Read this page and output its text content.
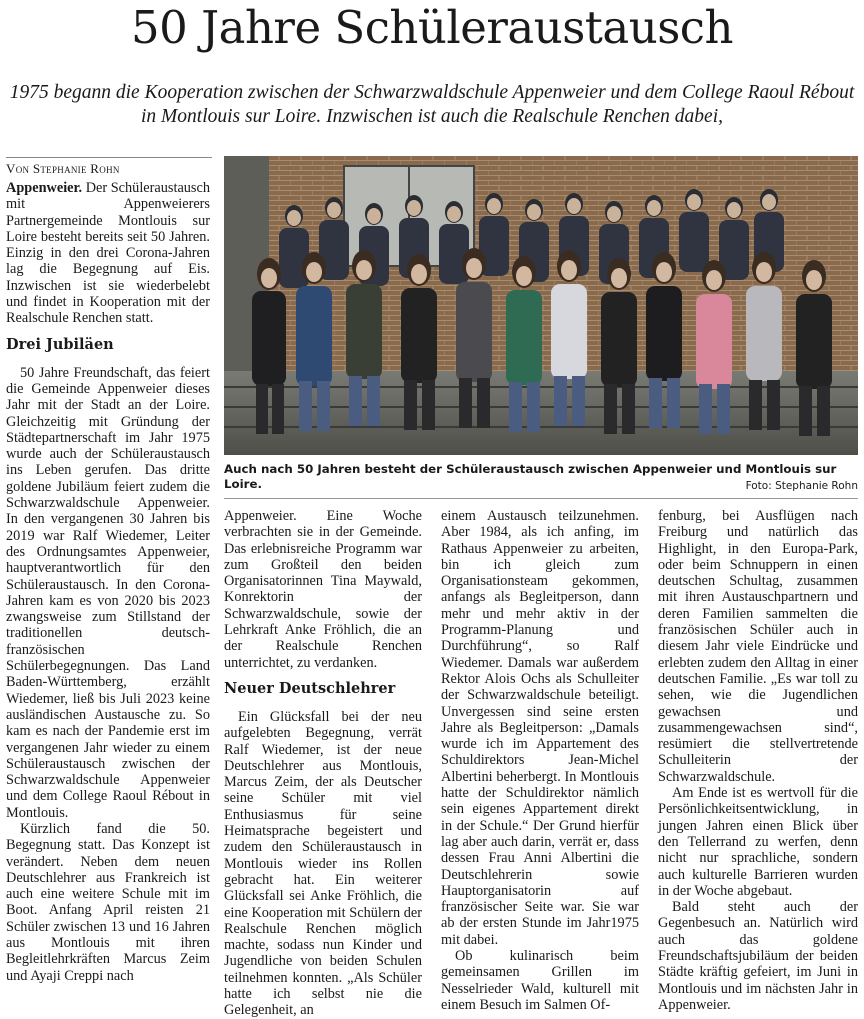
50 Jahre Schüleraustausch
1975 begann die Kooperation zwischen der Schwarzwaldschule Appenweier und dem College Raoul Rébout in Montlouis sur Loire. Inzwischen ist auch die Realschule Renchen dabei,
Von Stephanie Rohn

Appenweier. Der Schüleraustausch mit Appenweierers Partnergemeinde Montlouis sur Loire besteht bereits seit 50 Jahren. Einzig in den drei Corona-Jahren lag die Begegnung auf Eis. Inzwischen ist sie wiederbelebt und findet in Kooperation mit der Realschule Renchen statt.

Drei Jubiläen

50 Jahre Freundschaft, das feiert die Gemeinde Appenweier dieses Jahr mit der Stadt an der Loire. Gleichzeitig mit Gründung der Städtepartnerschaft im Jahr 1975 wurde auch der Schüleraustausch ins Leben gerufen. Das dritte goldene Jubiläum feiert zudem die Schwarzwaldschule Appenweier. In den vergangenen 30 Jahren bis 2019 war Ralf Wiedemer, Leiter des Ordnungsamtes Appenweier, hauptverantwortlich für den Schüleraustausch. In den Corona-Jahren kam es von 2020 bis 2023 zwangsweise zum Stillstand der traditionellen deutsch-französischen Schülerbegegnungen. Das Land Baden-Württemberg, erzählt Wiedemer, ließ bis Juli 2023 keine ausländischen Austausche zu. So kam es nach der Pandemie erst im vergangenen Jahr wieder zu einem Schüleraustausch zwischen der Schwarzwaldschule Appenweier und dem College Raoul Rébout in Montlouis.

Kürzlich fand die 50. Begegnung statt. Das Konzept ist verändert. Neben dem neuen Deutschlehrer aus Frankreich ist auch eine weitere Schule mit im Boot. Anfang April reisten 21 Schüler zwischen 13 und 16 Jahren aus Montlouis mit ihren Begleitlehrkräften Marcus Zeim und Ayaji Creppi nach

Auch nach 50 Jahren besteht der Schüleraustausch zwischen Appenweier und Montlouis sur Loire.	Foto: Stephanie Rohn

Appenweier. Eine Woche verbrachten sie in der Gemeinde. Das erlebnisreiche Programm war zum Großteil den beiden Organisatorinnen Tina Maywald, Konrektorin der Schwarzwaldschule, sowie der Lehrkraft Anke Fröhlich, die an der Realschule Renchen unterrichtet, zu verdanken.

Neuer Deutschlehrer

Ein Glücksfall bei der neu aufgelebten Begegnung, verrät Ralf Wiedemer, ist der neue Deutschlehrer aus Montlouis, Marcus Zeim, der als Deutscher seine Schüler mit viel Enthusiasmus für seine Heimatsprache begeistert und zudem den Schüleraustausch in Montlouis wieder ins Rollen gebracht hat. Ein weiterer Glücksfall sei Anke Fröhlich, die eine Kooperation mit Schülern der Realschule Renchen möglich machte, sodass nun Kinder und Jugendliche von beiden Schulen teilnehmen konnten. „Als Schüler hatte ich selbst nie die Gelegenheit, an

einem Austausch teilzunehmen. Aber 1984, als ich anfing, im Rathaus Appenweier zu arbeiten, bin ich gleich zum Organisationsteam gekommen, anfangs als Begleitperson, dann mehr und mehr aktiv in der Programm-Planung und Durchführung“, so Ralf Wiedemer. Damals war außerdem Rektor Alois Ochs als Schulleiter der Schwarzwaldschule beteiligt. Unvergessen sind seine ersten Jahre als Begleitperson: „Damals wurde ich im Appartement des Schuldirektors Jean-Michel Albertini beherbergt. In Montlouis hatte der Schuldirektor nämlich sein eigenes Appartement direkt in der Schule.“ Der Grund hierfür lag aber auch darin, verrät er, dass dessen Frau Anni Albertini die Deutschlehrerin sowie Hauptorganisatorin auf französischer Seite war. Sie war ab der ersten Stunde im Jahr1975 mit dabei.

Ob kulinarisch beim gemeinsamen Grillen im Nesselrieder Wald, kulturell mit einem Besuch im Salmen Of-

fenburg, bei Ausflügen nach Freiburg und natürlich das Highlight, in den Europa-Park, oder beim Schnuppern in einen deutschen Schultag, zusammen mit ihren Austauschpartnern und deren Familien sammelten die französischen Schüler auch in diesem Jahr viele Eindrücke und erlebten zudem den Alltag in einer deutschen Familie. „Es war toll zu sehen, wie die Jugendlichen gewachsen und zusammengewachsen sind“, resümiert die stellvertretende Schulleiterin der Schwarzwaldschule.

Am Ende ist es wertvoll für die Persönlichkeitsentwicklung, in jungen Jahren einen Blick über den Tellerrand zu werfen, denn nicht nur sprachliche, sondern auch kulturelle Barrieren wurden in der Woche abgebaut.

Bald steht auch der Gegenbesuch an. Natürlich wird auch das goldene Freundschaftsjubiläum der beiden Städte kräftig gefeiert, im Juni in Montlouis und im nächsten Jahr in Appenweier.
